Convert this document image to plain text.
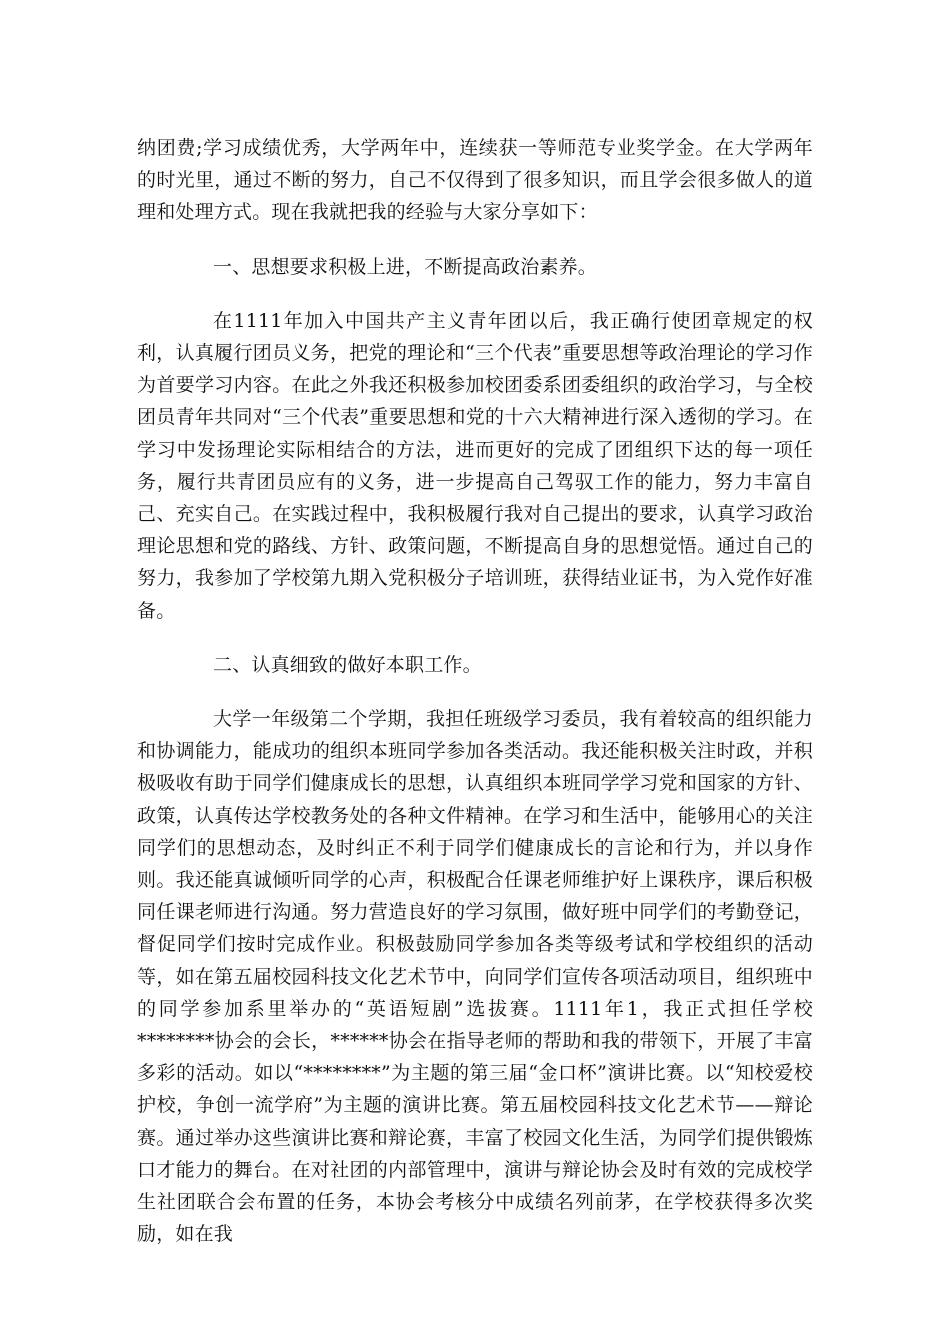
纳团费;学习成绩优秀，大学两年中，连续获一等师范专业奖学金。在大学两年的时光里，通过不断的努力，自己不仅得到了很多知识，而且学会很多做人的道理和处理方式。现在我就把我的经验与大家分享如下：

一、思想要求积极上进，不断提高政治素养。

在1111年加入中国共产主义青年团以后，我正确行使团章规定的权利，认真履行团员义务，把党的理论和“三个代表”重要思想等政治理论的学习作为首要学习内容。在此之外我还积极参加校团委系团委组织的政治学习，与全校团员青年共同对“三个代表”重要思想和党的十六大精神进行深入透彻的学习。在学习中发扬理论实际相结合的方法，进而更好的完成了团组织下达的每一项任务，履行共青团员应有的义务，进一步提高自己驾驭工作的能力，努力丰富自己、充实自己。在实践过程中，我积极履行我对自己提出的要求，认真学习政治理论思想和党的路线、方针、政策问题，不断提高自身的思想觉悟。通过自己的努力，我参加了学校第九期入党积极分子培训班，获得结业证书，为入党作好准备。

二、认真细致的做好本职工作。

大学一年级第二个学期，我担任班级学习委员，我有着较高的组织能力和协调能力，能成功的组织本班同学参加各类活动。我还能积极关注时政，并积极吸收有助于同学们健康成长的思想，认真组织本班同学学习党和国家的方针、政策，认真传达学校教务处的各种文件精神。在学习和生活中，能够用心的关注同学们的思想动态，及时纠正不利于同学们健康成长的言论和行为，并以身作则。我还能真诚倾听同学的心声，积极配合任课老师维护好上课秩序，课后积极同任课老师进行沟通。努力营造良好的学习氛围，做好班中同学们的考勤登记，督促同学们按时完成作业。积极鼓励同学参加各类等级考试和学校组织的活动等，如在第五届校园科技文化艺术节中，向同学们宣传各项活动项目，组织班中的同学参加系里举办的“英语短剧”选拔赛。1111年1，我正式担任学校********协会的会长，******协会在指导老师的帮助和我的带领下，开展了丰富多彩的活动。如以“********”为主题的第三届“金口杯”演讲比赛。以“知校爱校护校，争创一流学府”为主题的演讲比赛。第五届校园科技文化艺术节——辩论赛。通过举办这些演讲比赛和辩论赛，丰富了校园文化生活，为同学们提供锻炼口才能力的舞台。在对社团的内部管理中，演讲与辩论协会及时有效的完成校学生社团联合会布置的任务，本协会考核分中成绩名列前茅，在学校获得多次奖励，如在我
